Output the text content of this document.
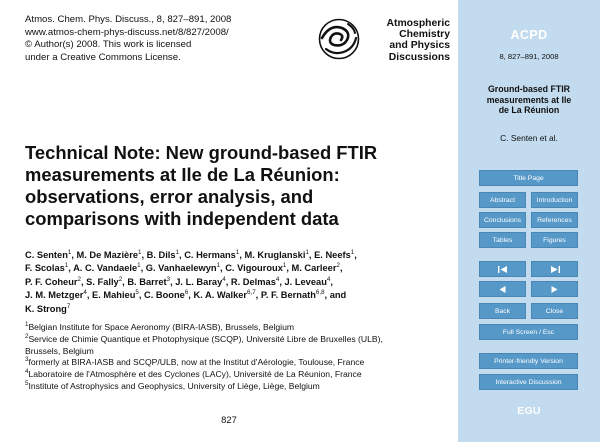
Atmos. Chem. Phys. Discuss., 8, 827–891, 2008
www.atmos-chem-phys-discuss.net/8/827/2008/
© Author(s) 2008. This work is licensed
under a Creative Commons License.
Atmospheric
Chemistry
and Physics
Discussions
Technical Note: New ground-based FTIR
measurements at Ile de La Réunion:
observations, error analysis, and
comparisons with independent data
C. Senten$^1$, M. De Mazière$^1$, B. Dils$^1$, C. Hermans$^1$, M. Kruglanski$^1$, E. Neefs$^1$,
F. Scolas$^1$, A. C. Vandaele$^1$, G. Vanhaelewyn$^1$, C. Vigouroux$^1$, M. Carleer$^2$,
P. F. Coheur$^2$, S. Fally$^2$, B. Barret$^3$, J. L. Baray$^4$, R. Delmas$^4$, J. Leveau$^4$,
J. M. Metzger$^4$, E. Mahieu$^5$, C. Boone$^6$, K. A. Walker$^{6,7}$, P. F. Bernath$^{6,8}$, and
K. Strong$^7$
$^1$Belgian Institute for Space Aeronomy (BIRA-IASB), Brussels, Belgium
$^2$Service de Chimie Quantique et Photophysique (SCQP), Université Libre de Bruxelles (ULB),
Brussels, Belgium
$^3$formerly at BIRA-IASB and SCQP/ULB, now at the Institut d'Aérologie, Toulouse, France
$^4$Laboratoire de l'Atmosphère et des Cyclones (LACy), Université de La Réunion, France
$^5$Institute of Astrophysics and Geophysics, University of Liège, Liège, Belgium
827
ACPD
8, 827–891, 2008
Ground-based FTIR
measurements at Ile
de La Réunion
C. Senten et al.
Title Page
Abstract	Introduction
Conclusions	References
Tables	Figures
Back	Close
Full Screen / Esc
Printer-friendly Version
Interactive Discussion
EGU
